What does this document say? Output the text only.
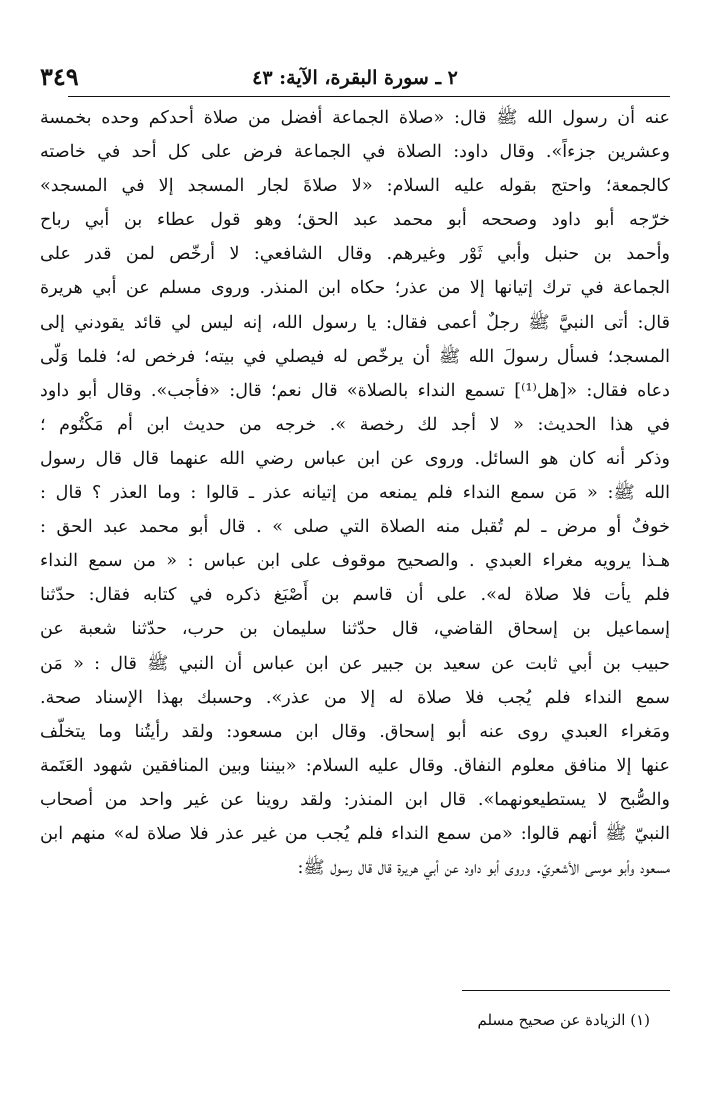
٣٤٩	٢ ـ سورة البقرة، الآية: ٤٣
عنه أن رسول الله ﷺ قال: «صلاة الجماعة أفضل من صلاة أحدكم وحده بخمسة
وعشرين جزءاً». وقال داود: الصلاة في الجماعة فرض على كل أحد في خاصته
كالجمعة؛ واحتج بقوله عليه السلام: «لا صلاةَ لجار المسجد إلا في المسجد»
خرّجه أبو داود وصححه أبو محمد عبد الحق؛ وهو قول عطاء بن أبي رباح
وأحمد بن حنبل وأبي ثَوْر وغيرهم. وقال الشافعي: لا أرخّص لمن قدر على
الجماعة في ترك إتيانها إلا من عذر؛ حكاه ابن المنذر. وروى مسلم عن أبي هريرة
قال: أتى النبيَّ ﷺ رجلٌ أعمى فقال: يا رسول الله، إنه ليس لي قائد يقودني إلى
المسجد؛ فسأل رسولَ الله ﷺ أن يرخّص له فيصلي في بيته؛ فرخص له؛ فلما وَلّى
دعاه فقال: «[هل⁽¹⁾] تسمع النداء بالصلاة» قال نعم؛ قال: «فأجب». وقال أبو داود
في هذا الحديث: « لا أجد لك رخصة ». خرجه من حديث ابن أم مَكْتُوم ؛
وذكر أنه كان هو السائل. وروى عن ابن عباس رضي الله عنهما قال قال رسول
الله ﷺ: « مَن سمع النداء فلم يمنعه من إتيانه عذر ـ قالوا : وما العذر ؟ قال :
خوفٌ أو مرض ـ لم تُقبل منه الصلاة التي صلى » . قال أبو محمد عبد الحق :
هـذا يرويه مغراء العبدي . والصحيح موقوف على ابن عباس : « من سمع النداء
فلم يأت فلا صلاة له». على أن قاسم بن أَصْبَغ ذكره في كتابه فقال: حدّثنا
إسماعيل بن إسحاق القاضي، قال حدّثنا سليمان بن حرب، حدّثنا شعبة عن
حبيب بن أبي ثابت عن سعيد بن جبير عن ابن عباس أن النبي ﷺ قال : « مَن
سمع النداء فلم يُجب فلا صلاة له إلا من عذر». وحسبك بهذا الإسناد صحة.
ومَغراء العبدي روى عنه أبو إسحاق. وقال ابن مسعود: ولقد رأيتُنا وما يتخلّف
عنها إلا منافق معلوم النفاق. وقال عليه السلام: «بيننا وبين المنافقين شهود العَتَمة
والصُّبح لا يستطيعونهما». قال ابن المنذر: ولقد روينا عن غير واحد من أصحاب
النبيّ ﷺ أنهم قالوا: «من سمع النداء فلم يُجب من غير عذر فلا صلاة له» منهم ابن
مسعود وأبو موسى الأشعريّ. وروى أبو داود عن أبي هريرة قال قال رسول ﷺ:
(١) الزيادة عن صحيح مسلم
